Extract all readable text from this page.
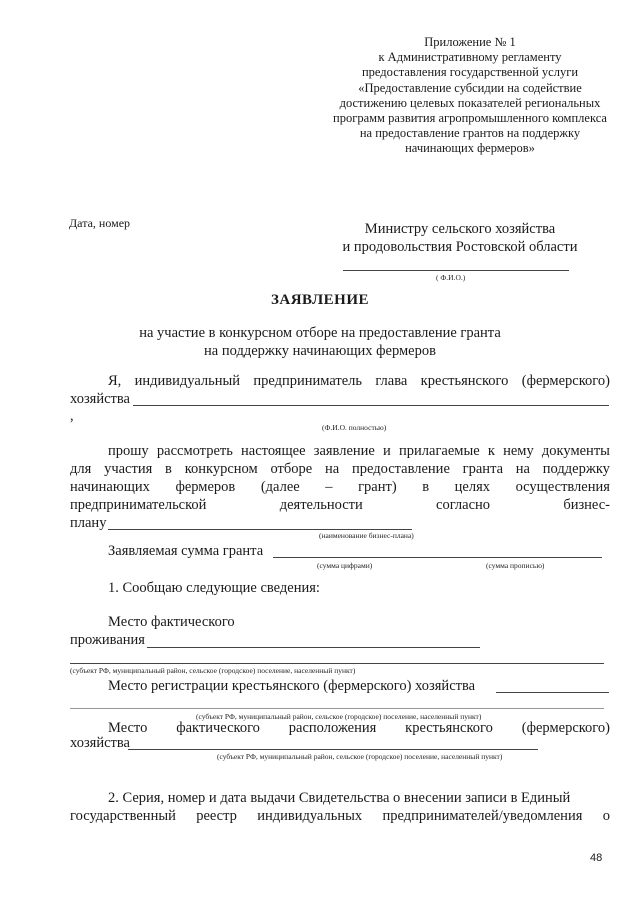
Приложение № 1
к Административному регламенту
предоставления государственной услуги
«Предоставление субсидии на содействие
достижению целевых показателей региональных
программ развития агропромышленного комплекса
на предоставление грантов на поддержку
начинающих фермеров»
Дата, номер	Министру сельского хозяйства
и продовольствия Ростовской области
( Ф.И.О.)
ЗАЯВЛЕНИЕ
на участие в конкурсном отборе на предоставление гранта
на поддержку начинающих фермеров
Я, индивидуальный предприниматель глава крестьянского (фермерского)
хозяйства
,
(Ф.И.О. полностью)
прошу рассмотреть настоящее заявление и прилагаемые к нему документы
для участия в конкурсном отборе на предоставление гранта на поддержку
начинающих фермеров (далее – грант) в целях осуществления
предпринимательской	деятельности	согласно	бизнес-
плану
(наименование бизнес-плана)
Заявляемая сумма гранта
(сумма цифрами)	(сумма прописью)
1. Сообщаю следующие сведения:
Место фактического
проживания
(субъект РФ, муниципальный район, сельское (городское) поселение, населенный пункт)
Место регистрации крестьянского (фермерского) хозяйства
(субъект РФ, муниципальный район, сельское (городское) поселение, населенный пункт)
Место фактического расположения крестьянского (фермерского)
хозяйства
(субъект РФ, муниципальный район, сельское (городское) поселение, населенный пункт)
2. Серия, номер и дата выдачи Свидетельства о внесении записи в Единый
государственный реестр индивидуальных предпринимателей/уведомления о
48
